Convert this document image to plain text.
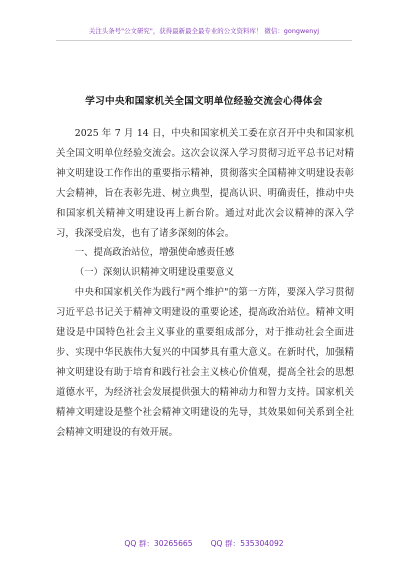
关注头条号"公文研究"，获得最新最全最专业的公文资料库！ 微信：gongwenyj
学习中央和国家机关全国文明单位经验交流会心得体会

2025 年 7 月 14 日，中央和国家机关工委在京召开中央和国家机关全国文明单位经验交流会。这次会议深入学习贯彻习近平总书记对精神文明建设工作作出的重要指示精神，贯彻落实全国精神文明建设表彰大会精神，旨在表彰先进、树立典型，提高认识、明确责任，推动中央和国家机关精神文明建设再上新台阶。通过对此次会议精神的深入学习，我深受启发，也有了诸多深刻的体会。

一、提高政治站位，增强使命感责任感

（一）深刻认识精神文明建设重要意义

中央和国家机关作为践行"两个维护"的第一方阵，要深入学习贯彻习近平总书记关于精神文明建设的重要论述，提高政治站位。精神文明建设是中国特色社会主义事业的重要组成部分，对于推动社会全面进步、实现中华民族伟大复兴的中国梦具有重大意义。在新时代，加强精神文明建设有助于培育和践行社会主义核心价值观，提高全社会的思想道德水平，为经济社会发展提供强大的精神动力和智力支持。国家机关精神文明建设是整个社会精神文明建设的先导，其效果如何关系到全社会精神文明建设的有效开展。

QQ 群：30265665 QQ 群：535304092
